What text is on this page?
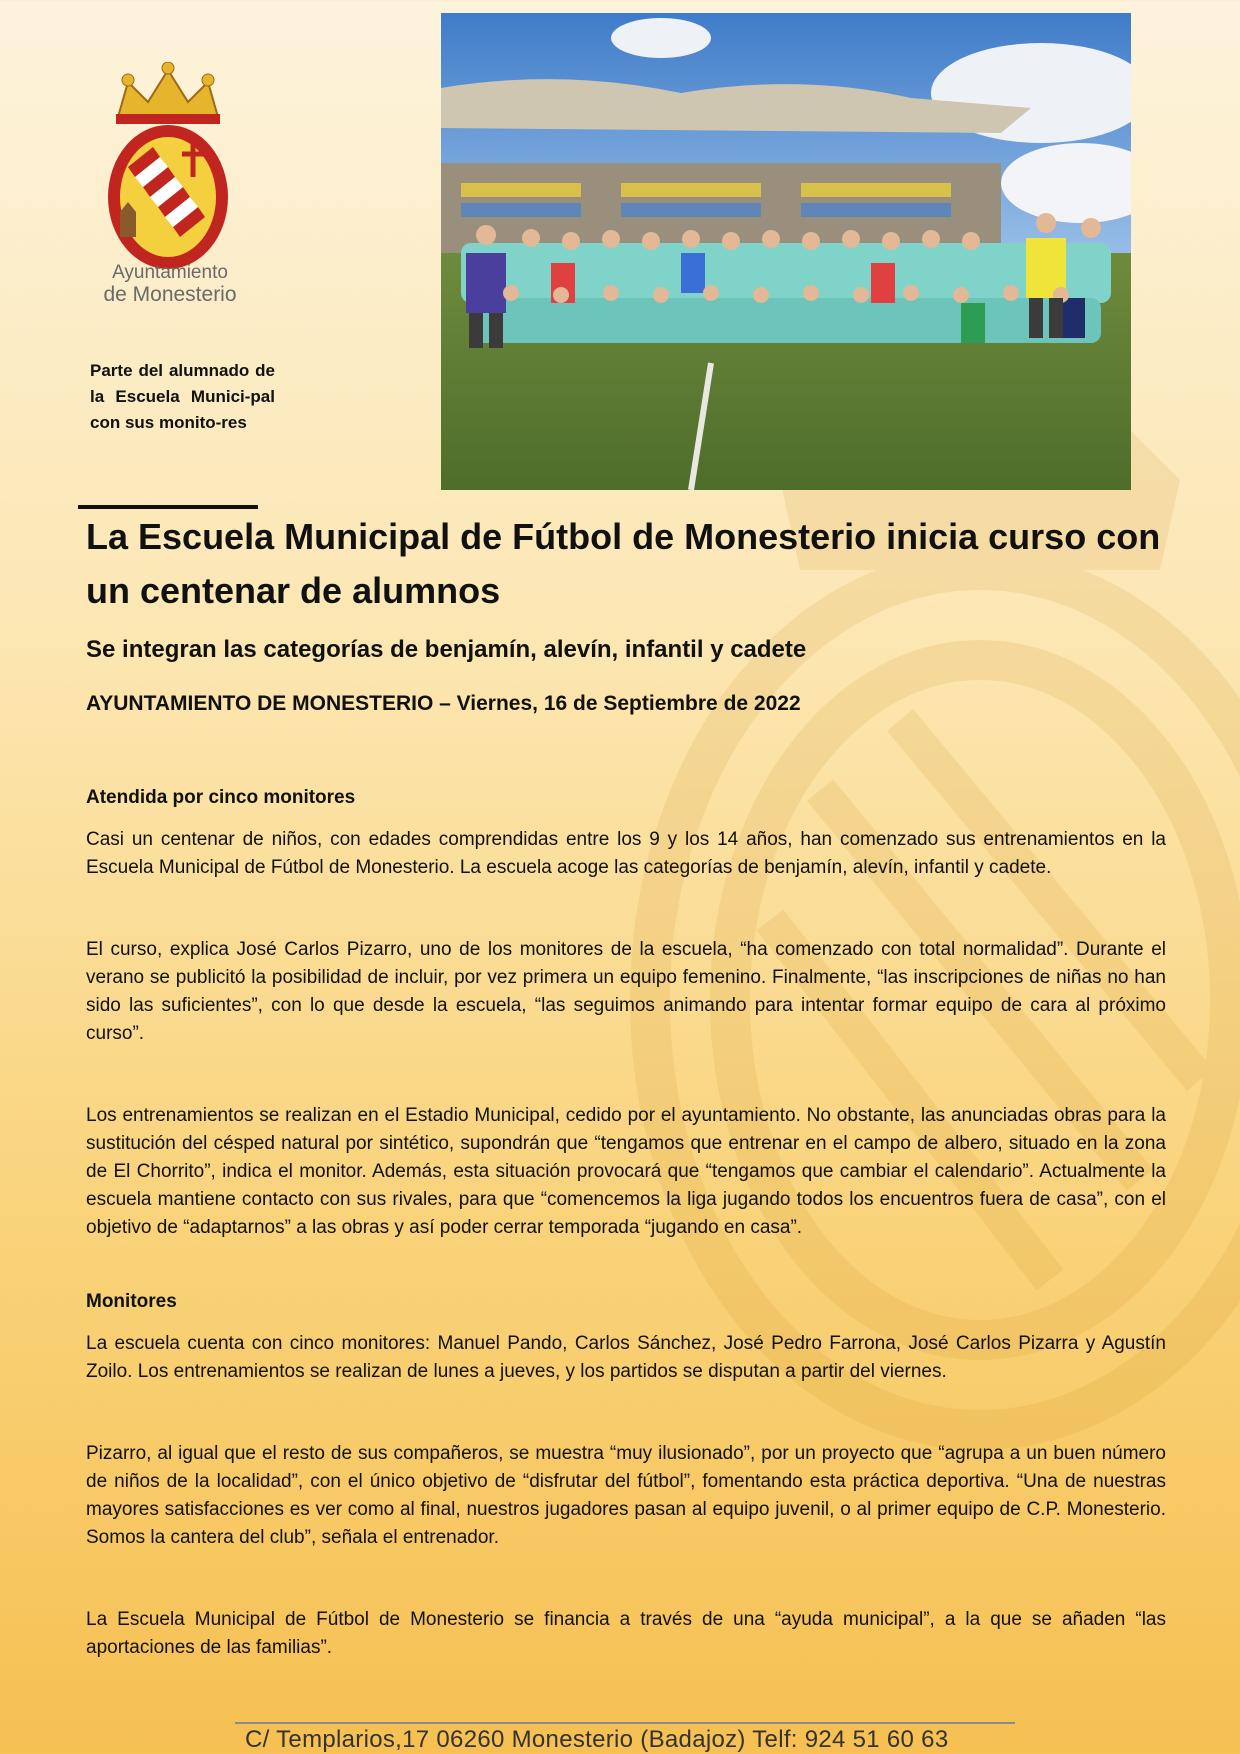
Ayuntamiento
de Monesterio
Parte del alumnado de la Escuela Munici-pal con sus monito-res
La Escuela Municipal de Fútbol de Monesterio inicia curso con un centenar de alumnos
Se integran las categorías de benjamín, alevín, infantil y cadete
AYUNTAMIENTO DE MONESTERIO – Viernes, 16 de Septiembre de 2022
Atendida por cinco monitores

Casi un centenar de niños, con edades comprendidas entre los 9 y los 14 años, han comenzado sus entrenamientos en la Escuela Municipal de Fútbol de Monesterio. La escuela acoge las categorías de benjamín, alevín, infantil y cadete.

El curso, explica José Carlos Pizarro, uno de los monitores de la escuela, “ha comenzado con total normalidad”. Durante el verano se publicitó la posibilidad de incluir, por vez primera un equipo femenino. Finalmente, “las inscripciones de niñas no han sido las suficientes”, con lo que desde la escuela, “las seguimos animando para intentar formar equipo de cara al próximo curso”.

Los entrenamientos se realizan en el Estadio Municipal, cedido por el ayuntamiento. No obstante, las anunciadas obras para la sustitución del césped natural por sintético, supondrán que “tengamos que entrenar en el campo de albero, situado en la zona de El Chorrito”, indica el monitor. Además, esta situación provocará que “tengamos que cambiar el calendario”. Actualmente la escuela mantiene contacto con sus rivales, para que “comencemos la liga jugando todos los encuentros fuera de casa”, con el objetivo de “adaptarnos” a las obras y así poder cerrar temporada “jugando en casa”.

Monitores

La escuela cuenta con cinco monitores: Manuel Pando, Carlos Sánchez, José Pedro Farrona, José Carlos Pizarra y Agustín Zoilo. Los entrenamientos se realizan de lunes a jueves, y los partidos se disputan a partir del viernes.

Pizarro, al igual que el resto de sus compañeros, se muestra “muy ilusionado”, por un proyecto que “agrupa a un buen número de niños de la localidad”, con el único objetivo de “disfrutar del fútbol”, fomentando esta práctica deportiva. “Una de nuestras mayores satisfacciones es ver como al final, nuestros jugadores pasan al equipo juvenil, o al primer equipo de C.P. Monesterio. Somos la cantera del club”, señala el entrenador.

La Escuela Municipal de Fútbol de Monesterio se financia a través de una “ayuda municipal”, a la que se añaden “las aportaciones de las familias”.

C/ Templarios,17 06260 Monesterio (Badajoz) Telf: 924 51 60 63
